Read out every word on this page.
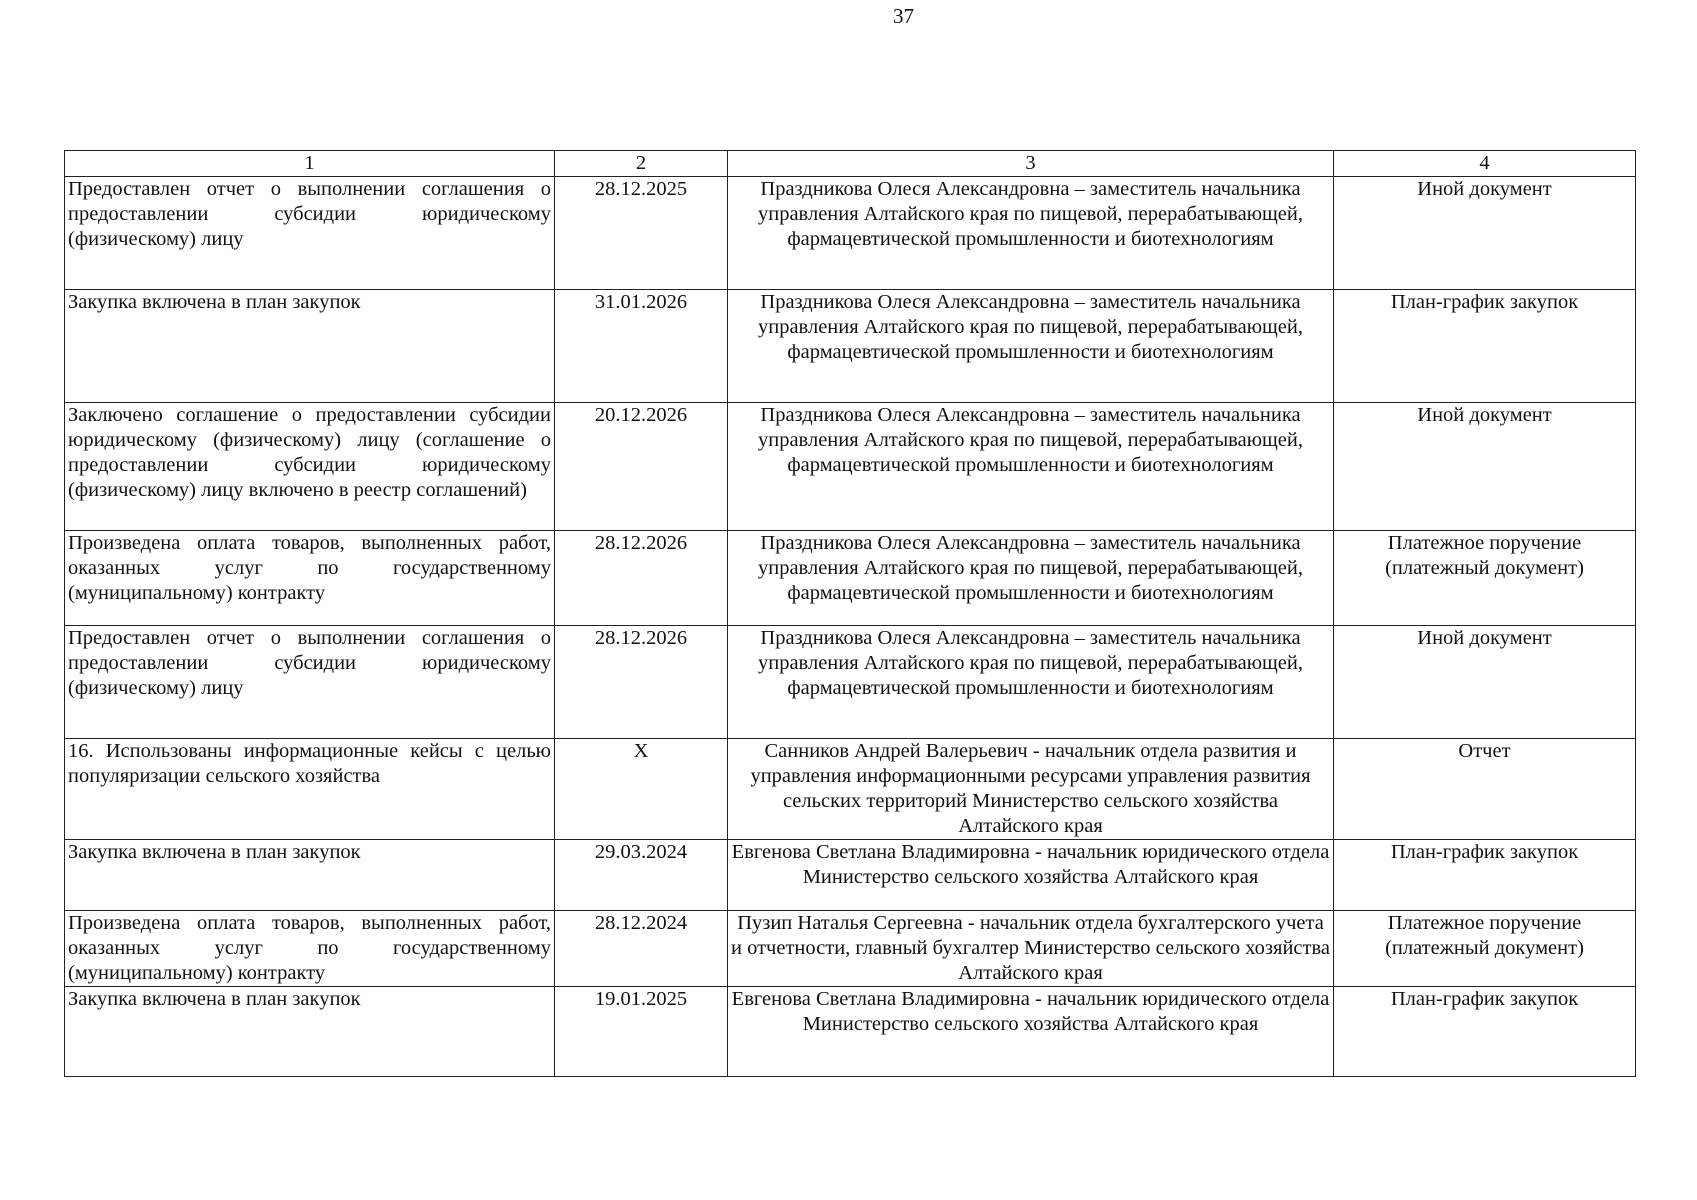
37
1	2	3	4
Предоставлен отчет о выполнении соглашения о предоставлении субсидии юридическому (физическому) лицу	28.12.2025	Праздникова Олеся Александровна – заместитель начальника управления Алтайского края по пищевой, перерабатывающей, фармацевтической промышленности и биотехнологиям	Иной документ
Закупка включена в план закупок	31.01.2026	Праздникова Олеся Александровна – заместитель начальника управления Алтайского края по пищевой, перерабатывающей, фармацевтической промышленности и биотехнологиям	План-график закупок
Заключено соглашение о предоставлении субсидии юридическому (физическому) лицу (соглашение о предоставлении субсидии юридическому (физическому) лицу включено в реестр соглашений)	20.12.2026	Праздникова Олеся Александровна – заместитель начальника управления Алтайского края по пищевой, перерабатывающей, фармацевтической промышленности и биотехнологиям	Иной документ
Произведена оплата товаров, выполненных работ, оказанных услуг по государственному (муниципальному) контракту	28.12.2026	Праздникова Олеся Александровна – заместитель начальника управления Алтайского края по пищевой, перерабатывающей, фармацевтической промышленности и биотехнологиям	Платежное поручение (платежный документ)
Предоставлен отчет о выполнении соглашения о предоставлении субсидии юридическому (физическому) лицу	28.12.2026	Праздникова Олеся Александровна – заместитель начальника управления Алтайского края по пищевой, перерабатывающей, фармацевтической промышленности и биотехнологиям	Иной документ
16. Использованы информационные кейсы с целью популяризации сельского хозяйства	X	Санников Андрей Валерьевич - начальник отдела развития и управления информационными ресурсами управления развития сельских территорий Министерство сельского хозяйства Алтайского края	Отчет
Закупка включена в план закупок	29.03.2024	Евгенова Светлана Владимировна - начальник юридического отдела Министерство сельского хозяйства Алтайского края	План-график закупок
Произведена оплата товаров, выполненных работ, оказанных услуг по государственному (муниципальному) контракту	28.12.2024	Пузип Наталья Сергеевна - начальник отдела бухгалтерского учета и отчетности, главный бухгалтер Министерство сельского хозяйства Алтайского края	Платежное поручение (платежный документ)
Закупка включена в план закупок	19.01.2025	Евгенова Светлана Владимировна - начальник юридического отдела Министерство сельского хозяйства Алтайского края	План-график закупок
